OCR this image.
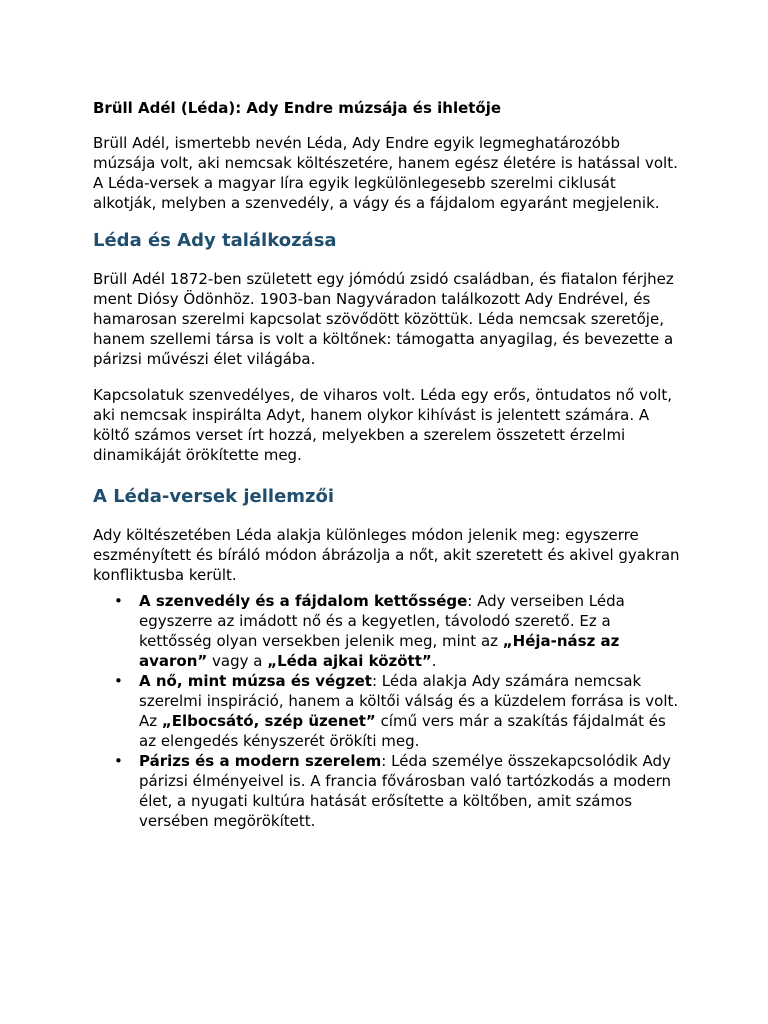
Brüll Adél (Léda): Ady Endre múzsája és ihletője

Brüll Adél, ismertebb nevén Léda, Ady Endre egyik legmeghatározóbb múzsája volt, aki nemcsak költészetére, hanem egész életére is hatással volt. A Léda-versek a magyar líra egyik legkülönlegesebb szerelmi ciklusát alkotják, melyben a szenvedély, a vágy és a fájdalom egyaránt megjelenik.

Léda és Ady találkozása

Brüll Adél 1872-ben született egy jómódú zsidó családban, és fiatalon férjhez ment Diósy Ödönhöz. 1903-ban Nagyváradon találkozott Ady Endrével, és hamarosan szerelmi kapcsolat szövődött közöttük. Léda nemcsak szeretője, hanem szellemi társa is volt a költőnek: támogatta anyagilag, és bevezette a párizsi művészi élet világába.

Kapcsolatuk szenvedélyes, de viharos volt. Léda egy erős, öntudatos nő volt, aki nemcsak inspirálta Adyt, hanem olykor kihívást is jelentett számára. A költő számos verset írt hozzá, melyekben a szerelem összetett érzelmi dinamikáját örökítette meg.

A Léda-versek jellemzői

Ady költészetében Léda alakja különleges módon jelenik meg: egyszerre eszményített és bíráló módon ábrázolja a nőt, akit szeretett és akivel gyakran konfliktusba került.

• A szenvedély és a fájdalom kettőssége: Ady verseiben Léda egyszerre az imádott nő és a kegyetlen, távolodó szerető. Ez a kettősség olyan versekben jelenik meg, mint az „Héja-nász az avaron” vagy a „Léda ajkai között”.
• A nő, mint múzsa és végzet: Léda alakja Ady számára nemcsak szerelmi inspiráció, hanem a költői válság és a küzdelem forrása is volt. Az „Elbocsátó, szép üzenet” című vers már a szakítás fájdalmát és az elengedés kényszerét örökíti meg.
• Párizs és a modern szerelem: Léda személye összekapcsolódik Ady párizsi élményeivel is. A francia fővárosban való tartózkodás a modern élet, a nyugati kultúra hatását erősítette a költőben, amit számos versében megörökített.
